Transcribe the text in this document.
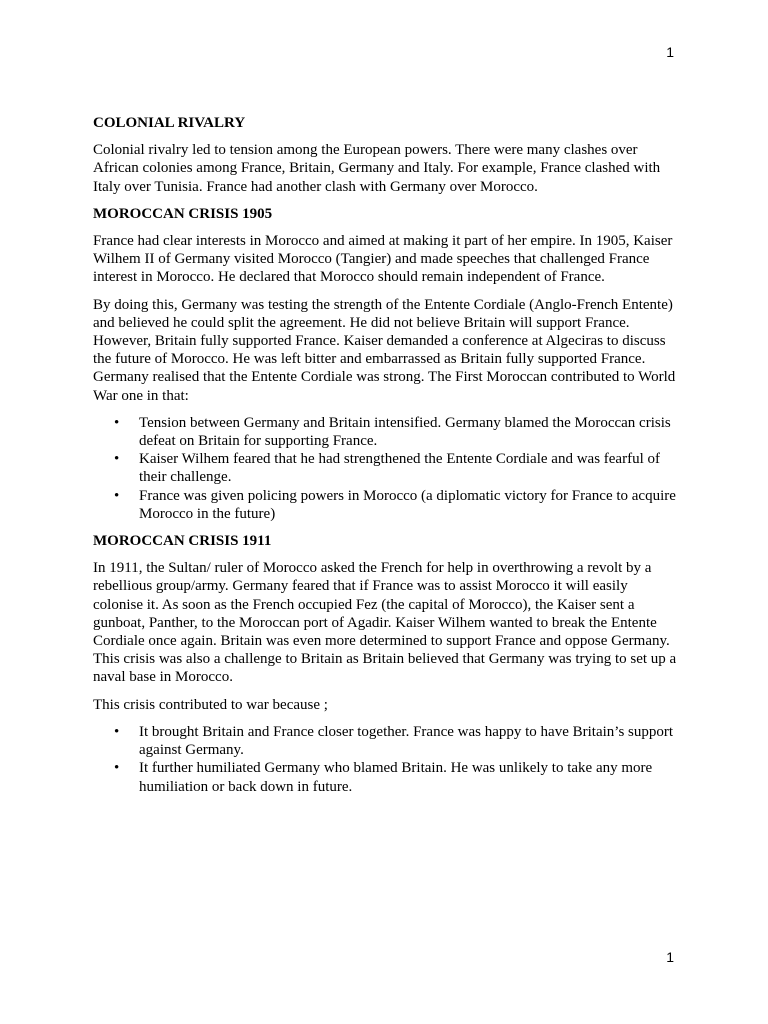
1
COLONIAL RIVALRY

Colonial rivalry led to tension among the European powers. There were many clashes over African colonies among France, Britain, Germany and Italy. For example, France clashed with Italy over Tunisia. France had another clash with Germany over Morocco.

MOROCCAN CRISIS 1905

France had clear interests in Morocco and aimed at making it part of her empire. In 1905, Kaiser Wilhem II of Germany visited Morocco (Tangier) and made speeches that challenged France interest in Morocco. He declared that Morocco should remain independent of France.

By doing this, Germany was testing the strength of the Entente Cordiale (Anglo-French Entente) and believed he could split the agreement. He did not believe Britain will support France. However, Britain fully supported France. Kaiser demanded a conference at Algeciras to discuss the future of Morocco. He was left bitter and embarrassed as Britain fully supported France. Germany realised that the Entente Cordiale was strong. The First Moroccan contributed to World War one in that:

• Tension between Germany and Britain intensified. Germany blamed the Moroccan crisis defeat on Britain for supporting France.
• Kaiser Wilhem feared that he had strengthened the Entente Cordiale and was fearful of their challenge.
• France was given policing powers in Morocco (a diplomatic victory for France to acquire Morocco in the future)
MOROCCAN CRISIS 1911

In 1911, the Sultan/ ruler of Morocco asked the French for help in overthrowing a revolt by a rebellious group/army. Germany feared that if France was to assist Morocco it will easily colonise it. As soon as the French occupied Fez (the capital of Morocco), the Kaiser sent a gunboat, Panther, to the Moroccan port of Agadir. Kaiser Wilhem wanted to break the Entente Cordiale once again. Britain was even more determined to support France and oppose Germany. This crisis was also a challenge to Britain as Britain believed that Germany was trying to set up a naval base in Morocco.

This crisis contributed to war because ;

• It brought Britain and France closer together. France was happy to have Britain’s support against Germany.
• It further humiliated Germany who blamed Britain. He was unlikely to take any more humiliation or back down in future.
1
